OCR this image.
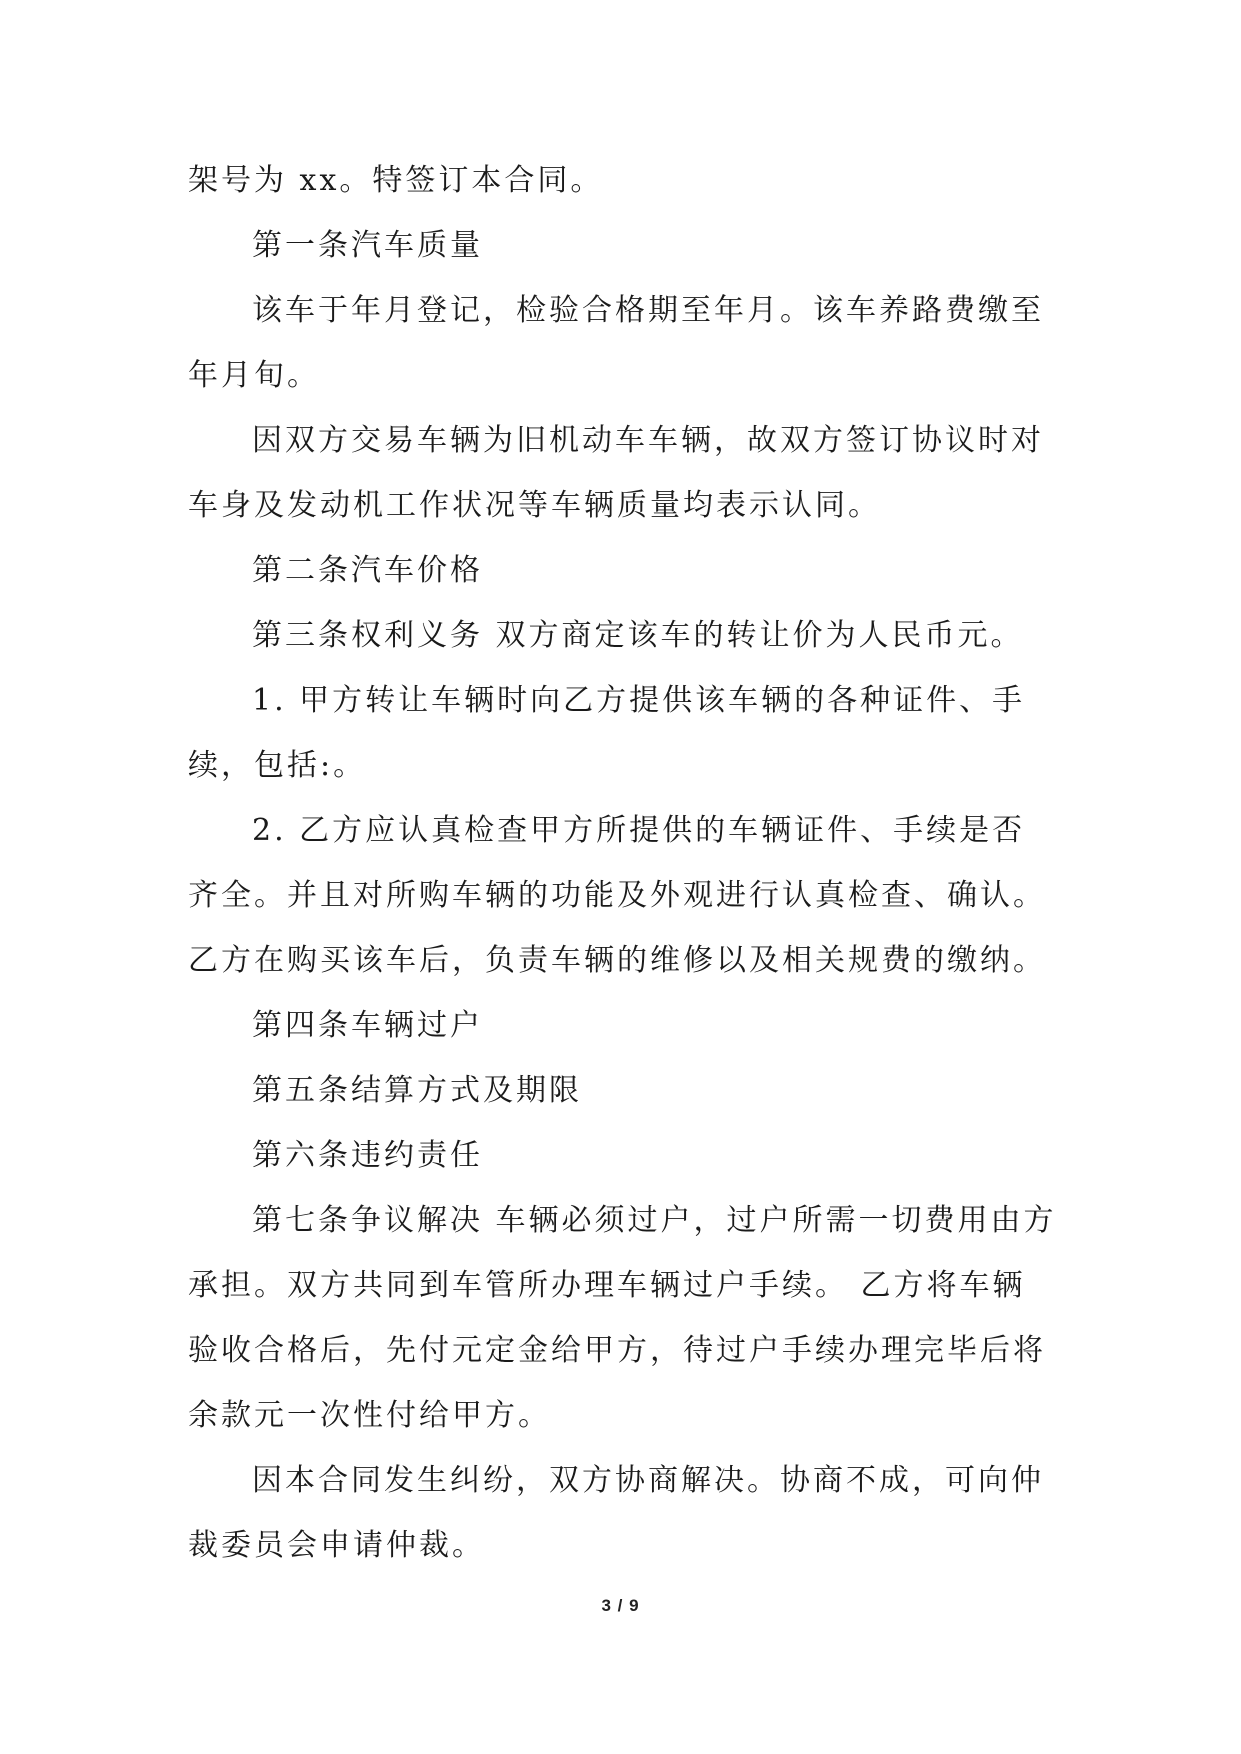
架号为 xx。特签订本合同。

第一条汽车质量

该车于年月登记，检验合格期至年月。该车养路费缴至年月旬。

因双方交易车辆为旧机动车车辆，故双方签订协议时对车身及发动机工作状况等车辆质量均表示认同。

第二条汽车价格

第三条权利义务 双方商定该车的转让价为人民币元。

1. 甲方转让车辆时向乙方提供该车辆的各种证件、手续，包括:。

2. 乙方应认真检查甲方所提供的车辆证件、手续是否齐全。并且对所购车辆的功能及外观进行认真检查、确认。乙方在购买该车后，负责车辆的维修以及相关规费的缴纳。

第四条车辆过户

第五条结算方式及期限

第六条违约责任

第七条争议解决 车辆必须过户，过户所需一切费用由方承担。双方共同到车管所办理车辆过户手续。 乙方将车辆验收合格后，先付元定金给甲方，待过户手续办理完毕后将余款元一次性付给甲方。

因本合同发生纠纷，双方协商解决。协商不成，可向仲裁委员会申请仲裁。

3 / 9
